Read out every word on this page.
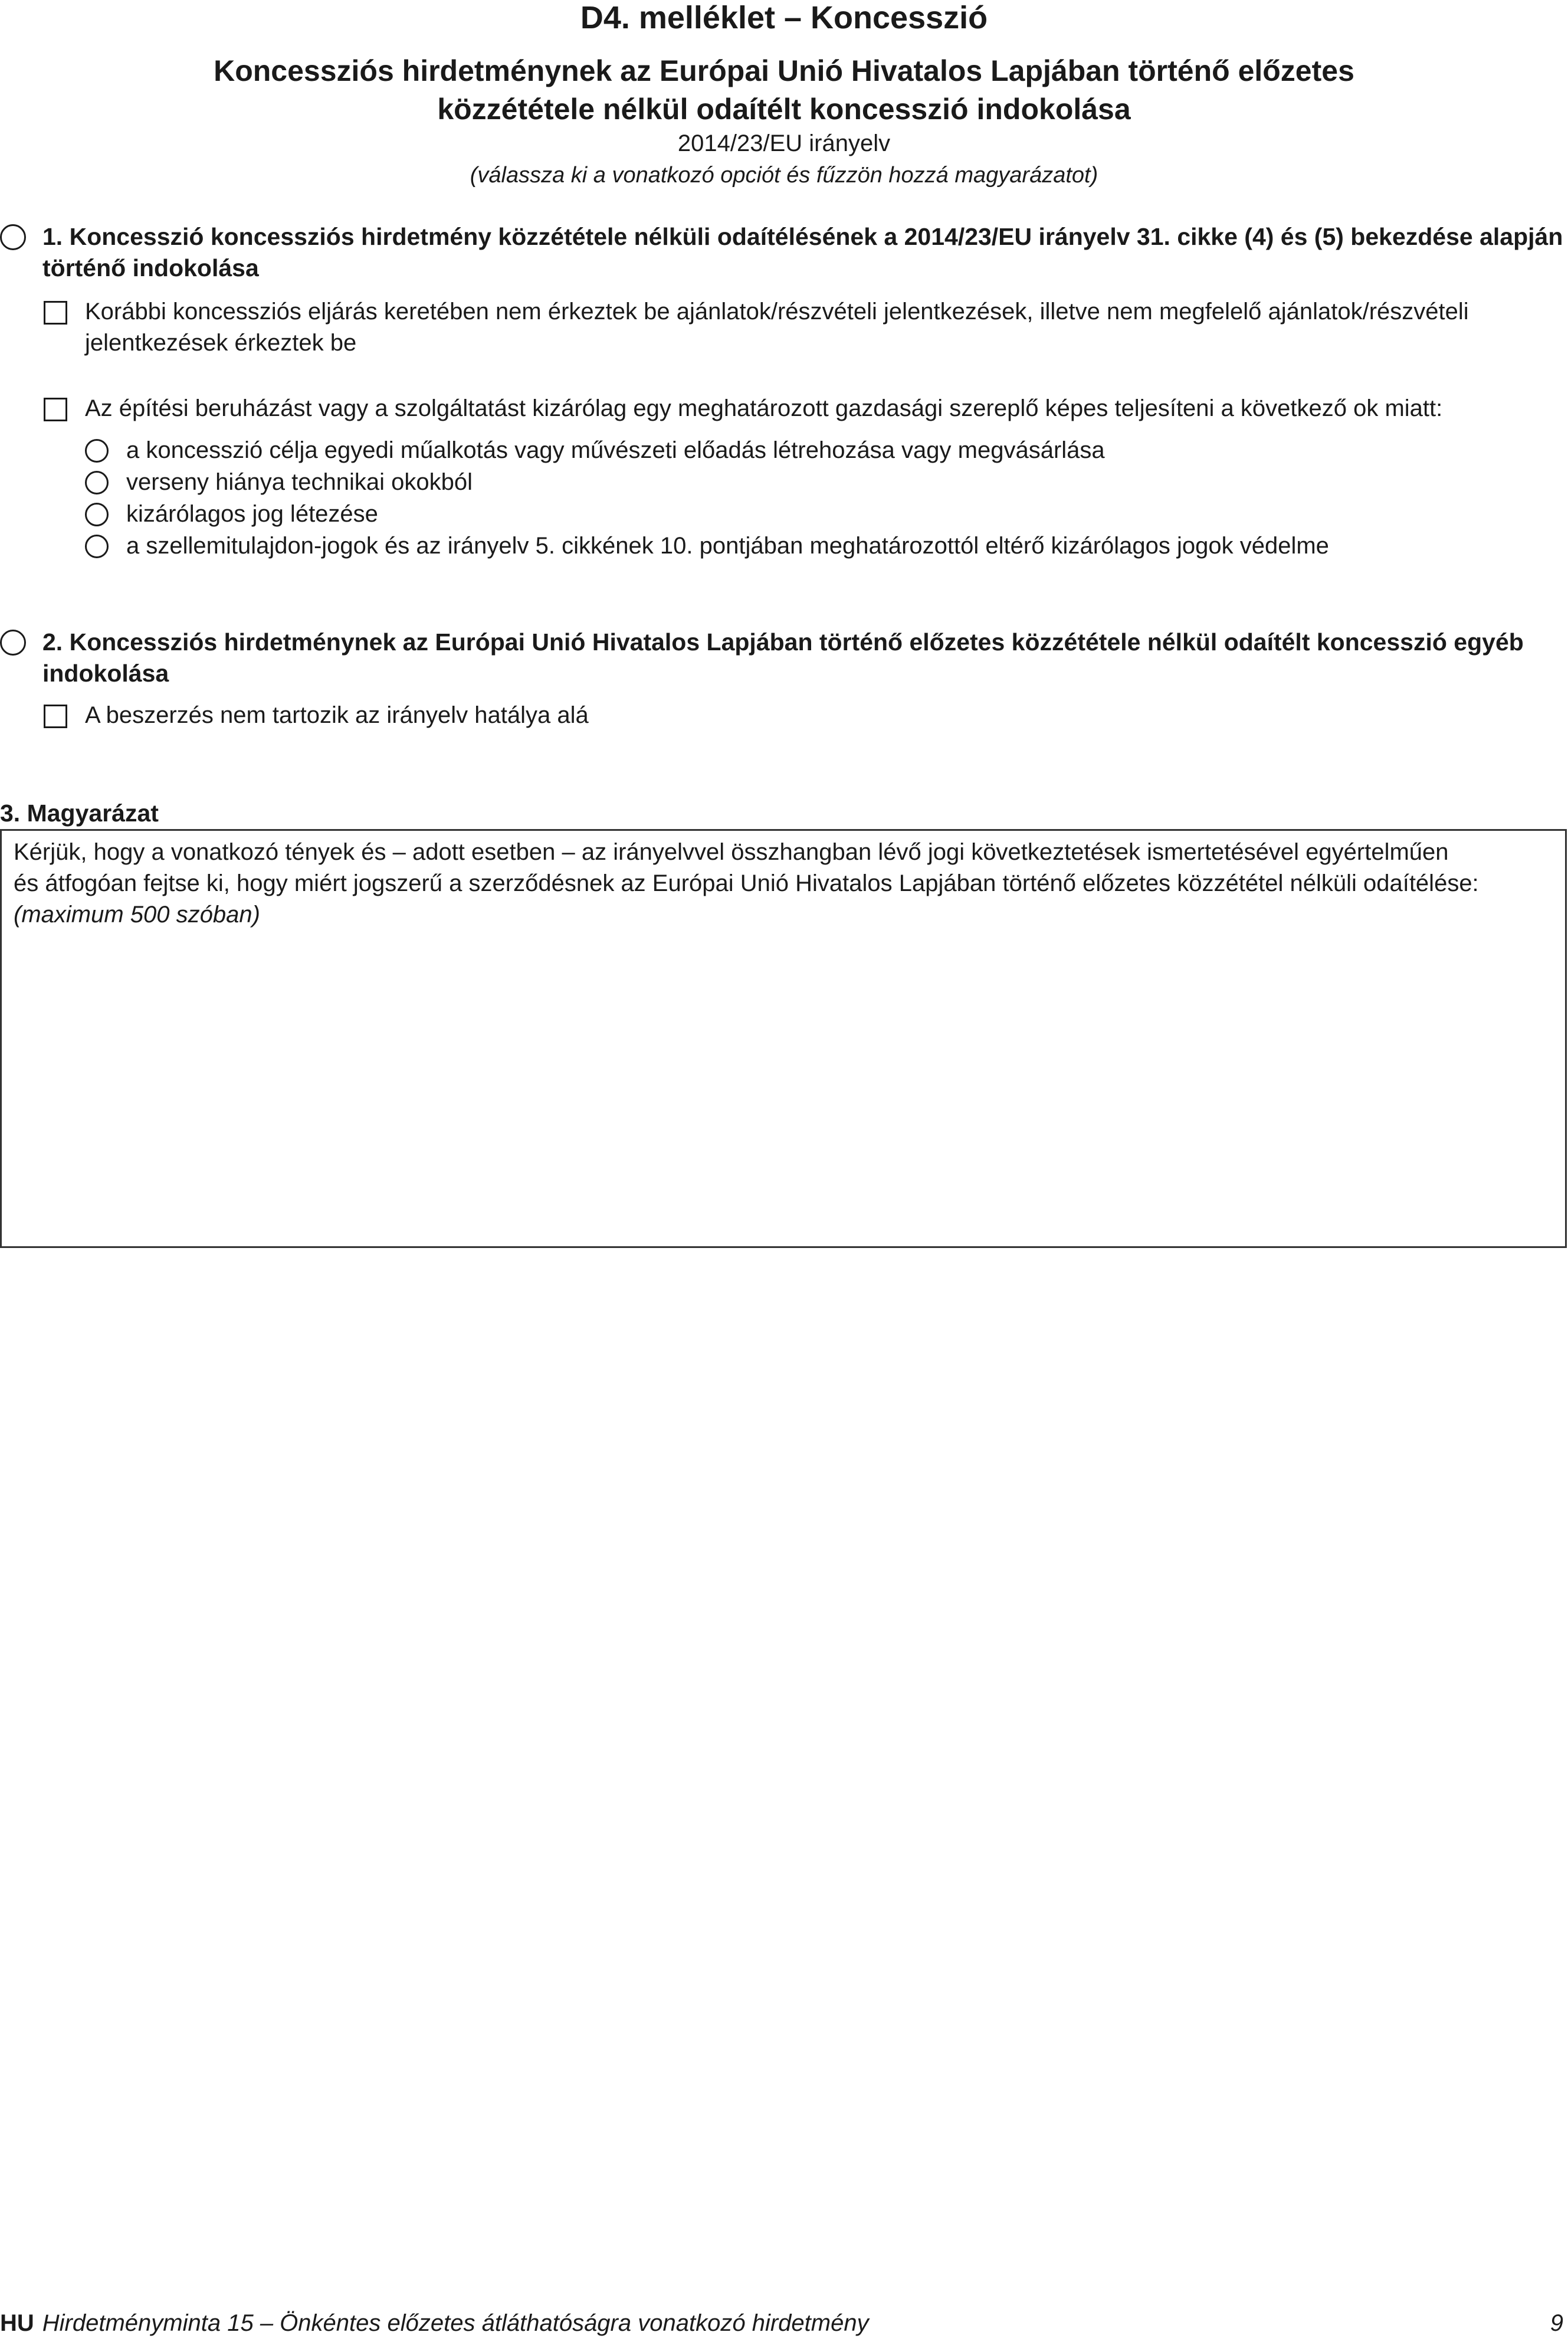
D4. melléklet – Koncesszió
Koncessziós hirdetménynek az Európai Unió Hivatalos Lapjában történő előzetes
közzététele nélkül odaítélt koncesszió indokolása
2014/23/EU irányelv
(válassza ki a vonatkozó opciót és fűzzön hozzá magyarázatot)
1. Koncesszió koncessziós hirdetmény közzététele nélküli odaítélésének a 2014/23/EU irányelv 31. cikke (4) és (5) bekezdése alapján
történő indokolása
Korábbi koncessziós eljárás keretében nem érkeztek be ajánlatok/részvételi jelentkezések, illetve nem megfelelő ajánlatok/részvételi
jelentkezések érkeztek be
Az építési beruházást vagy a szolgáltatást kizárólag egy meghatározott gazdasági szereplő képes teljesíteni a következő ok miatt:
a koncesszió célja egyedi műalkotás vagy művészeti előadás létrehozása vagy megvásárlása
verseny hiánya technikai okokból
kizárólagos jog létezése
a szellemitulajdon-jogok és az irányelv 5. cikkének 10. pontjában meghatározottól eltérő kizárólagos jogok védelme
2. Koncessziós hirdetménynek az Európai Unió Hivatalos Lapjában történő előzetes közzététele nélkül odaítélt koncesszió egyéb
indokolása
A beszerzés nem tartozik az irányelv hatálya alá
3. Magyarázat
Kérjük, hogy a vonatkozó tények és – adott esetben – az irányelvvel összhangban lévő jogi következtetések ismertetésével egyértelműen
és átfogóan fejtse ki, hogy miért jogszerű a szerződésnek az Európai Unió Hivatalos Lapjában történő előzetes közzététel nélküli odaítélése:
(maximum 500 szóban)
HU Hirdetményminta 15 – Önkéntes előzetes átláthatóságra vonatkozó hirdetmény	9
